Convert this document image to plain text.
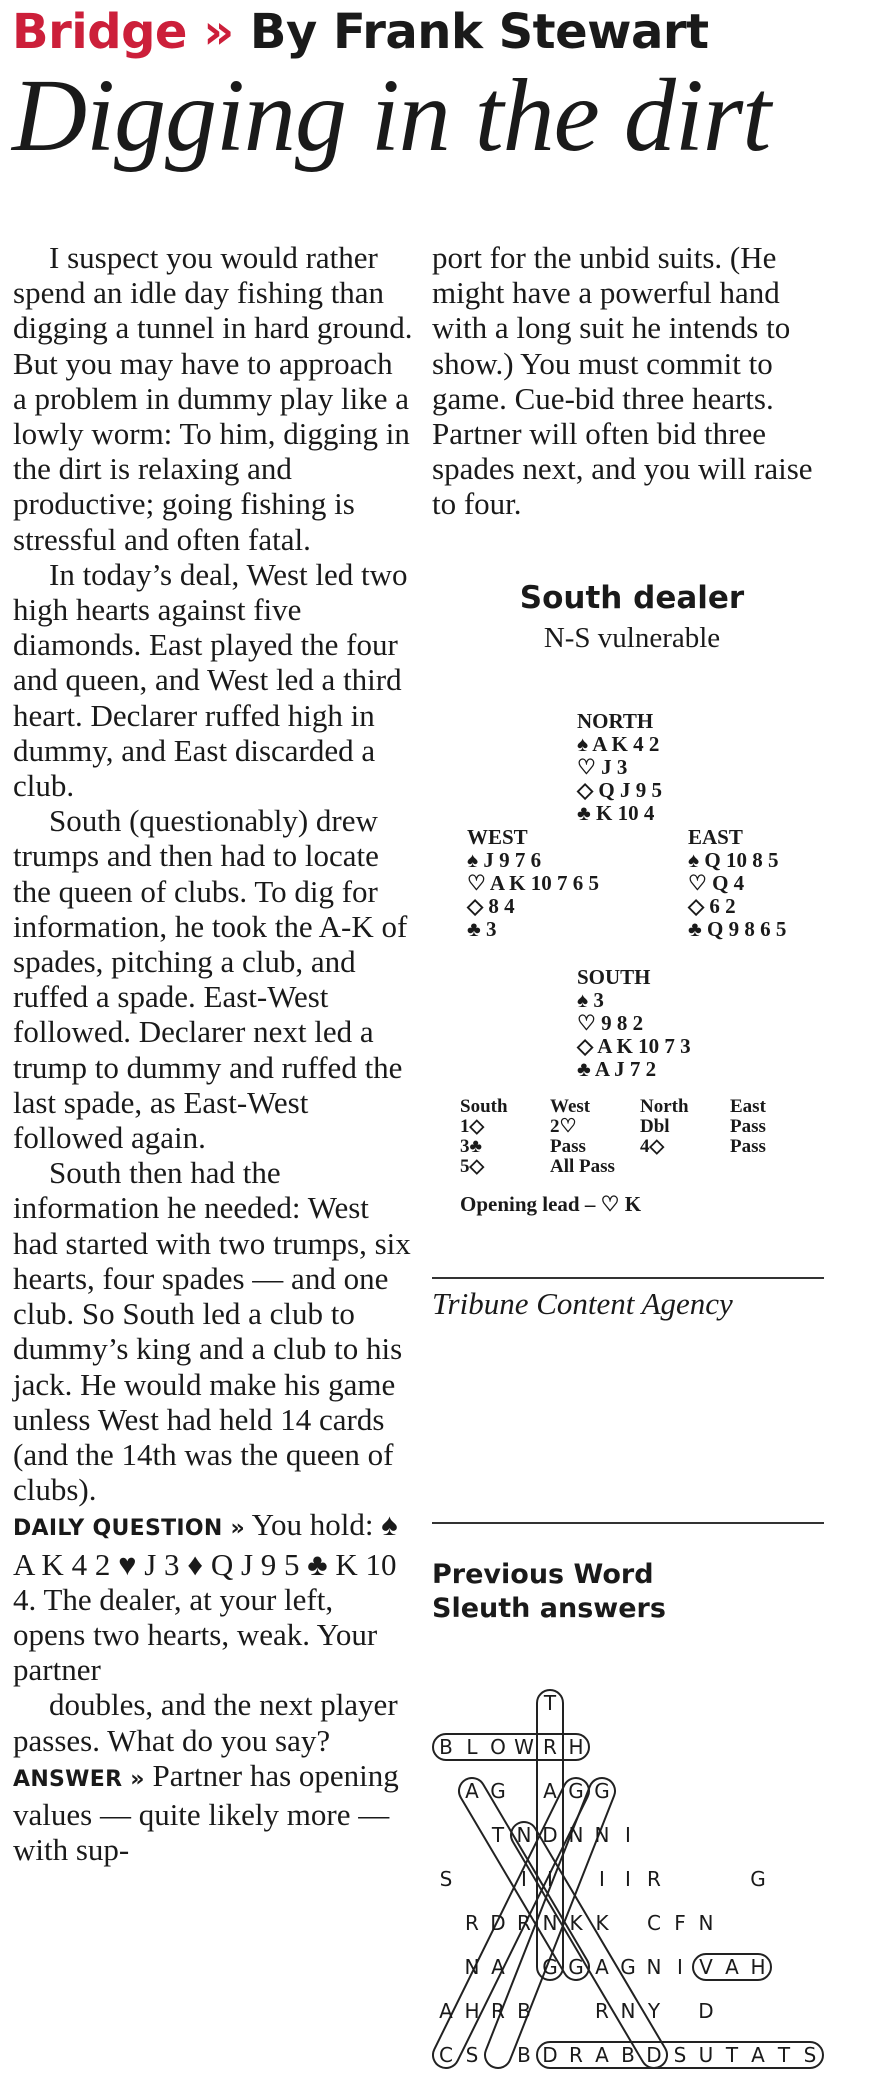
Bridge » By Frank Stewart
Digging in the dirt

I suspect you would rather spend an idle day fishing than digging a tunnel in hard ground. But you may have to approach a problem in dummy play like a lowly worm: To him, digging in the dirt is relaxing and productive; going fishing is stressful and often fatal.

In today’s deal, West led two high hearts against five diamonds. East played the four and queen, and West led a third heart. Declarer ruffed high in dummy, and East discarded a club.

South (questionably) drew trumps and then had to locate the queen of clubs. To dig for information, he took the A-K of spades, pitching a club, and ruffed a spade. East-West followed. Declarer next led a trump to dummy and ruffed the last spade, as East-West followed again.

South then had the information he needed: West had started with two trumps, six hearts, four spades — and one club. So South led a club to dummy’s king and a club to his jack. He would make his game unless West had held 14 cards (and the 14th was the queen of clubs).

DAILY QUESTION » You hold: ♠ A K 4 2 ♥ J 3 ♦ Q J 9 5 ♣ K 10 4. The dealer, at your left, opens two hearts, weak. Your partner

doubles, and the next player passes. What do you say?

ANSWER » Partner has opening values — quite likely more — with sup-

port for the unbid suits. (He might have a powerful hand with a long suit he intends to show.) You must commit to game. Cue-bid three hearts. Partner will often bid three spades next, and you will raise to four.

South dealer
N-S vulnerable
NORTH
♠ A K 4 2
♡ J 3
◇ Q J 9 5
♣ K 10 4
WEST
♠ J 9 7 6
♡ A K 10 7 6 5
◇ 8 4
♣ 3
EAST
♠ Q 10 8 5
♡ Q 4
◇ 6 2
♣ Q 9 8 6 5
SOUTH
♠ 3
♡ 9 8 2
◇ A K 10 7 3
♣ A J 7 2
South	West	North	East
1◇	2♡	Dbl	Pass
3♣	Pass	4◇	Pass
5◇	All Pass
Opening lead – ♡ K
Tribune Content Agency
Previous Word
Sleuth answers
T
B L O W R H
A G A G G
T N D N N I
S	I I I I R	G
R D R N K K C F N
N A G G A G N I V A H
A H R B	R N Y D
C S B D R A B D S U T A T S
